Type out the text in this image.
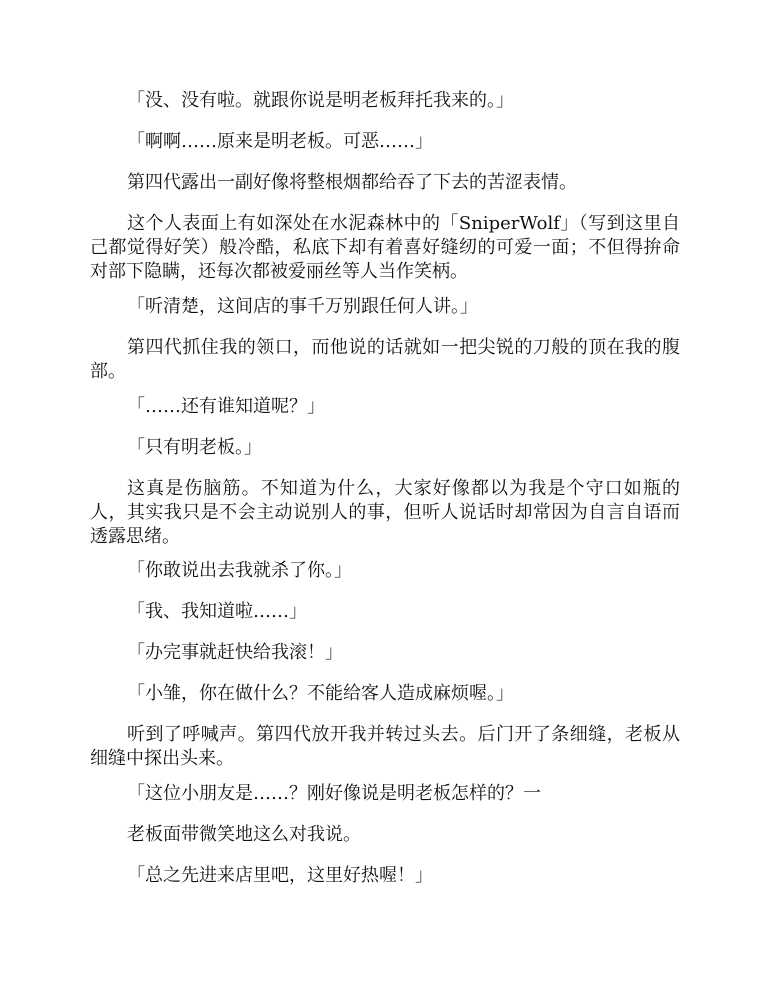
「没、没有啦。就跟你说是明老板拜托我来的。」

「啊啊……原来是明老板。可恶……」

第四代露出一副好像将整根烟都给吞了下去的苦涩表情。

这个人表面上有如深处在水泥森林中的「SniperWolf」（写到这里自己都觉得好笑）般冷酷，私底下却有着喜好缝纫的可爱一面；不但得拚命对部下隐瞒，还每次都被爱丽丝等人当作笑柄。

「听清楚，这间店的事千万别跟任何人讲。」

第四代抓住我的领口，而他说的话就如一把尖锐的刀般的顶在我的腹部。

「……还有谁知道呢？」

「只有明老板。」

这真是伤脑筋。不知道为什么，大家好像都以为我是个守口如瓶的人，其实我只是不会主动说别人的事，但听人说话时却常因为自言自语而透露思绪。

「你敢说出去我就杀了你。」

「我、我知道啦……」

「办完事就赶快给我滚！」

「小雏，你在做什么？不能给客人造成麻烦喔。」

听到了呼喊声。第四代放开我并转过头去。后门开了条细缝，老板从细缝中探出头来。

「这位小朋友是……？刚好像说是明老板怎样的？一

老板面带微笑地这么对我说。

「总之先进来店里吧，这里好热喔！」
